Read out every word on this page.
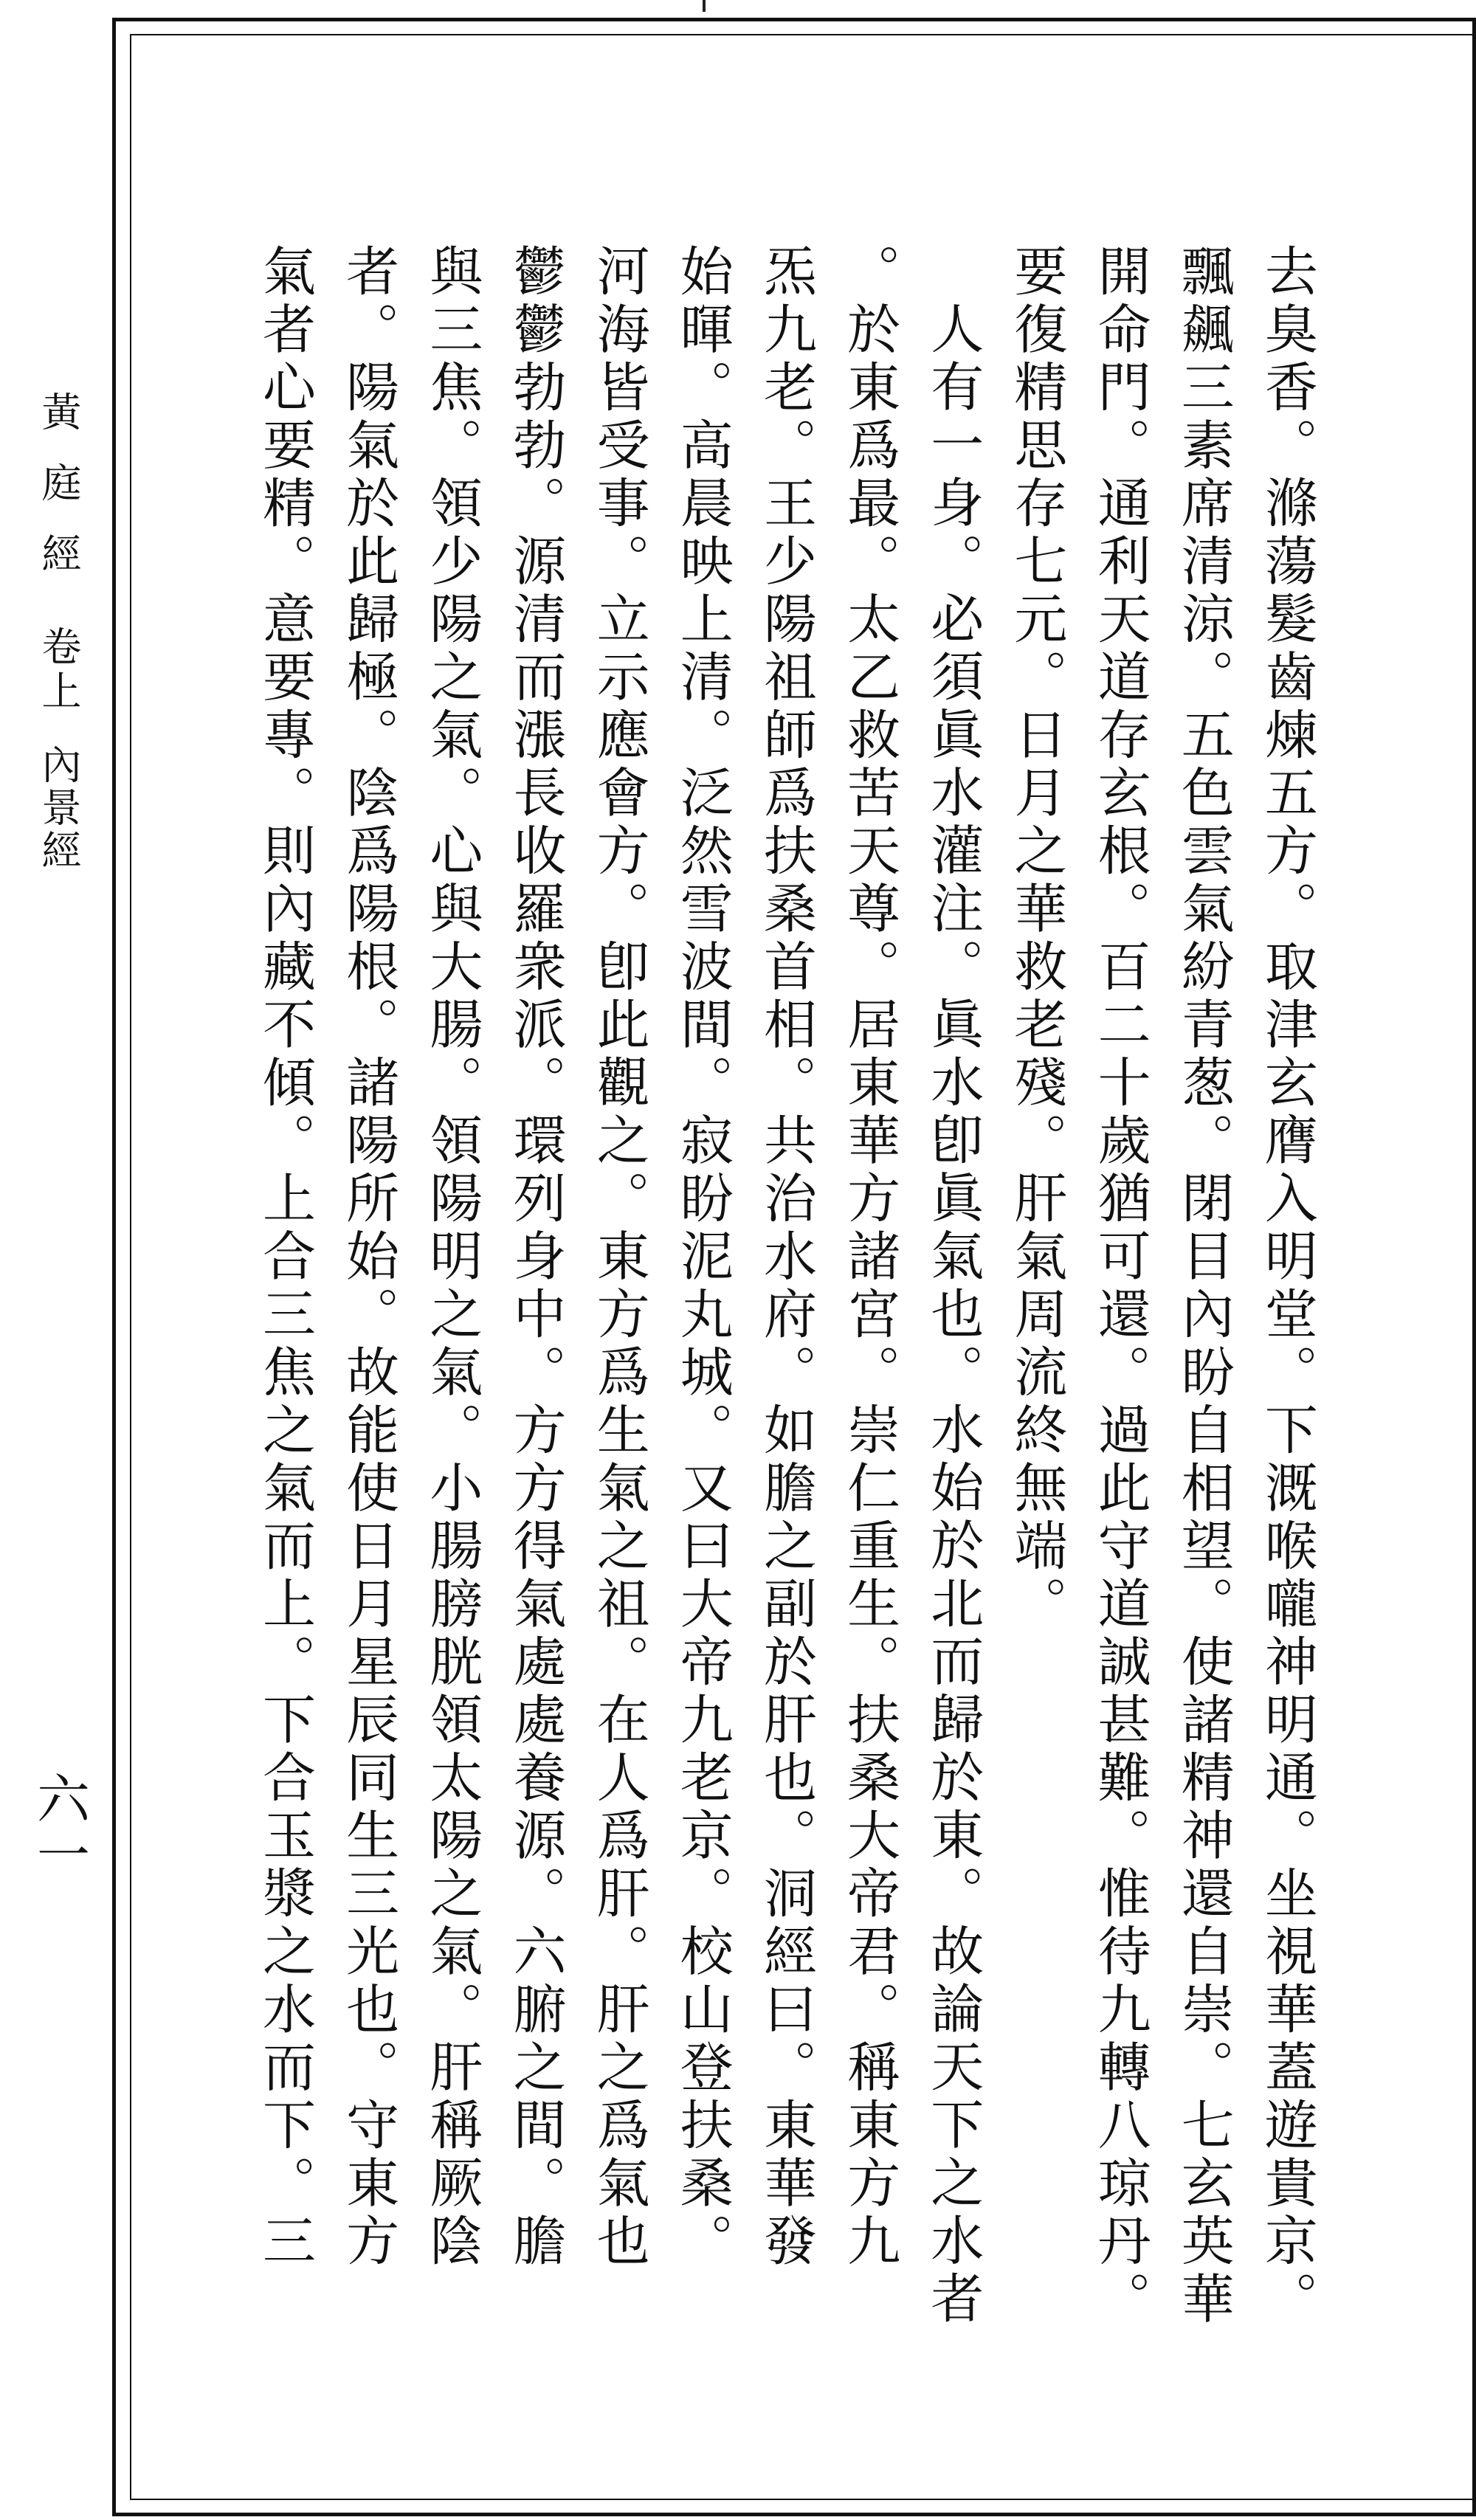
黃庭經
卷上
內景經
六一	去臭香。滌蕩髮齒煉五方。取津玄膺入明堂。下溉喉嚨神明通。坐視華蓋遊貴京。
飄飆三素席清涼。五色雲氣紛青葱。閉目內盼自相望。使諸精神還自崇。七玄英華
開命門。通利天道存玄根。百二十歲猶可還。過此守道誠甚難。惟待九轉八琼丹。
要復精思存七元。日月之華救老殘。肝氣周流終無端。
人有一身。必須眞水灌注。眞水卽眞氣也。水始於北而歸於東。故論天下之水者
。於東爲最。太乙救苦天尊。居東華方諸宮。崇仁重生。扶桑大帝君。稱東方九
炁九老。王少陽祖師爲扶桑首相。共治水府。如膽之副於肝也。洞經曰。東華發
始暉。高晨映上清。泛然雪波間。寂盼泥丸城。又曰大帝九老京。校山登扶桑。
河海皆受事。立示應會方。卽此觀之。東方爲生氣之祖。在人爲肝。肝之爲氣也
鬱鬱勃勃。源清而漲長收羅衆派。環列身中。方方得氣處處養源。六腑之間。膽
與三焦。領少陽之氣。心與大腸。領陽明之氣。小腸膀胱領太陽之氣。肝稱厥陰
者。陽氣於此歸極。陰爲陽根。諸陽所始。故能使日月星辰同生三光也。守東方
氣者心要精。意要專。則內藏不傾。上合三焦之氣而上。下合玉漿之水而下。三
